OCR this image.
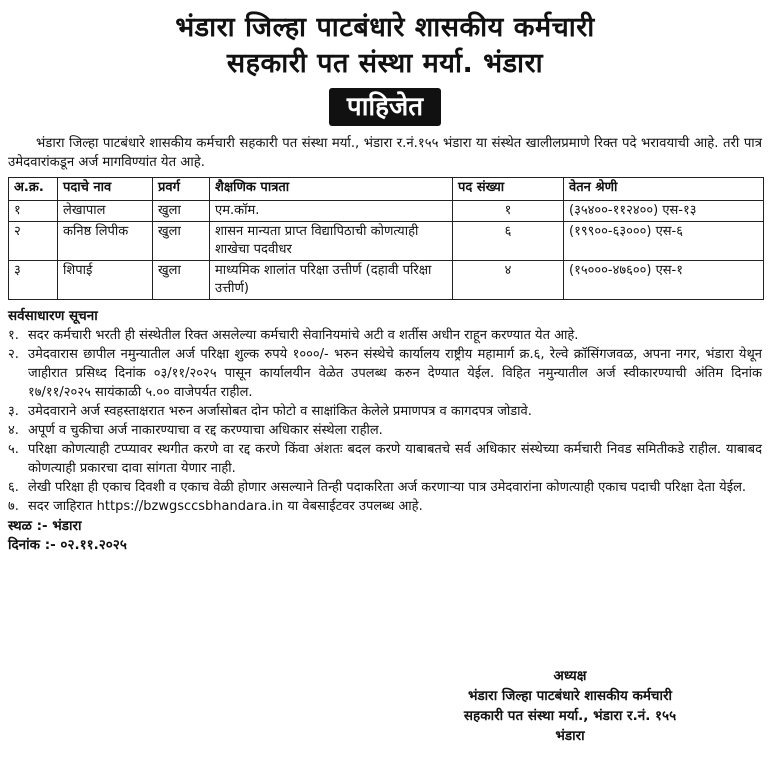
भंडारा जिल्हा पाटबंधारे शासकीय कर्मचारी
सहकारी पत संस्था मर्या. भंडारा
पाहिजेत
भंडारा जिल्हा पाटबंधारे शासकीय कर्मचारी सहकारी पत संस्था मर्या., भंडारा र.नं.१५५ भंडारा या संस्थेत खालीलप्रमाणे रिक्त पदे भरावयाची आहे. तरी पात्र उमेदवारांकडून अर्ज मागविण्यांत येत आहे.
अ.क्र.	पदाचे नाव	प्रवर्ग	शैक्षणिक पात्रता	पद संख्या	वेतन श्रेणी
१	लेखापाल	खुला	एम.कॉम.	१	(३५४००-११२४००) एस-१३
२	कनिष्ठ लिपीक	खुला	शासन मान्यता प्राप्त विद्यापिठाची कोणत्याही शाखेचा पदवीधर	६	(१९९००-६३०००) एस-६
३	शिपाई	खुला	माध्यमिक शालांत परिक्षा उत्तीर्ण (दहावी परिक्षा उत्तीर्ण)	४	(१५०००-४७६००) एस-१
सर्वसाधारण सूचना
१. सदर कर्मचारी भरती ही संस्थेतील रिक्त असलेल्या कर्मचारी सेवानियमांचे अटी व शर्तीस अधीन राहून करण्यात येत आहे.
२. उमेदवारास छापील नमुन्यातील अर्ज परिक्षा शुल्क रुपये १०००/- भरुन संस्थेचे कार्यालय राष्ट्रीय महामार्ग क्र.६, रेल्वे क्रॉसिंगजवळ, अपना नगर, भंडारा येथून जाहीरात प्रसिध्द दिनांक ०३/११/२०२५ पासून कार्यालयीन वेळेत उपलब्ध करुन देण्यात येईल. विहित नमुन्यातील अर्ज स्वीकारण्याची अंतिम दिनांक १७/११/२०२५ सायंकाळी ५.०० वाजेपर्यत राहील.
३. उमेदवाराने अर्ज स्वहस्ताक्षरात भरुन अर्जासोबत दोन फोटो व साक्षांकित केलेले प्रमाणपत्र व कागदपत्र जोडावे.
४. अपूर्ण व चुकीचा अर्ज नाकारण्याचा व रद्द करण्याचा अधिकार संस्थेला राहील.
५. परिक्षा कोणत्याही टप्प्यावर स्थगीत करणे वा रद्द करणे किंवा अंशतः बदल करणे याबाबतचे सर्व अधिकार संस्थेच्या कर्मचारी निवड समितीकडे राहील. याबाबद कोणत्याही प्रकारचा दावा सांगता येणार नाही.
६. लेखी परिक्षा ही एकाच दिवशी व एकाच वेळी होणार असल्याने तिन्ही पदाकरिता अर्ज करणाऱ्या पात्र उमेदवारांना कोणत्याही एकाच पदाची परिक्षा देता येईल.
७. सदर जाहिरात https://bzwgsccsbhandara.in या वेबसाईटवर उपलब्ध आहे.
स्थळ :- भंडारा
दिनांक :- ०२.११.२०२५
अध्यक्ष
भंडारा जिल्हा पाटबंधारे शासकीय कर्मचारी
सहकारी पत संस्था मर्या., भंडारा र.नं. १५५
भंडारा
